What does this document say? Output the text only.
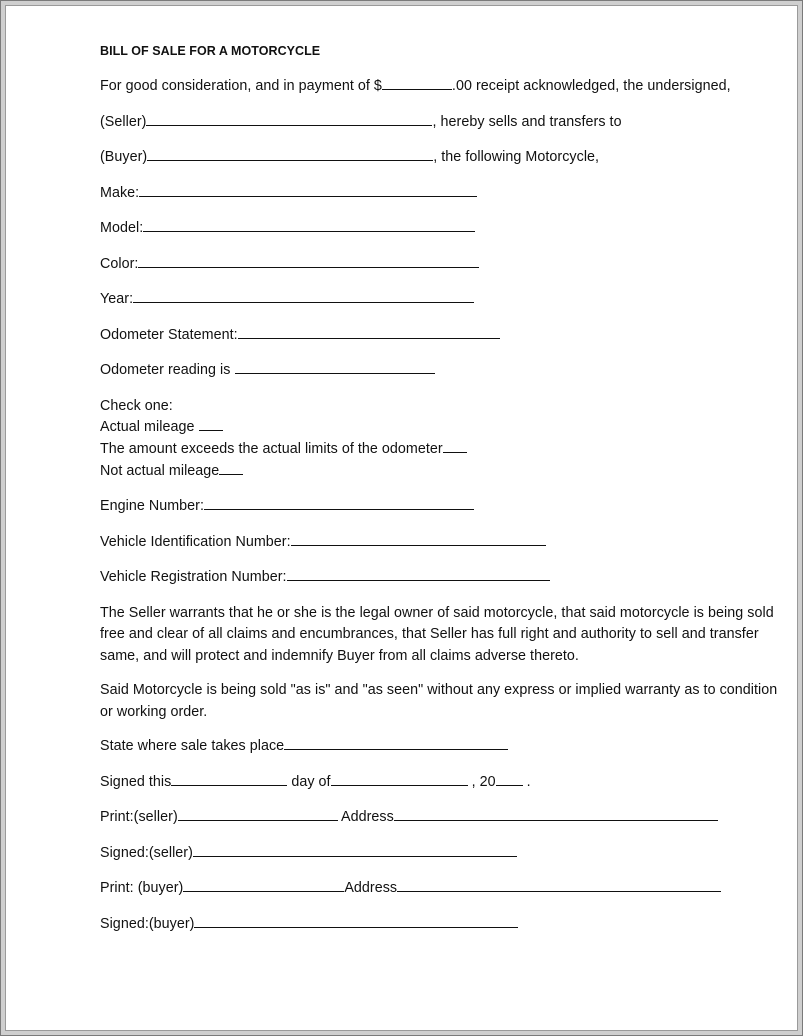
BILL OF SALE FOR A MOTORCYCLE
For good consideration, and in payment of $	.00 receipt acknowledged, the undersigned,
(Seller)	, hereby sells and transfers to
(Buyer)	, the following Motorcycle,
Make:
Model:
Color:
Year:
Odometer Statement:
Odometer reading is
Check one:
Actual mileage
The amount exceeds the actual limits of the odometer
Not actual mileage
Engine Number:
Vehicle Identification Number:
Vehicle Registration Number:
The Seller warrants that he or she is the legal owner of said motorcycle, that said motorcycle is being sold free and clear of all claims and encumbrances, that Seller has full right and authority to sell and transfer same, and will protect and indemnify Buyer from all claims adverse thereto.
Said Motorcycle is being sold "as is" and "as seen" without any express or implied warranty as to condition or working order.
State where sale takes place
Signed this	day of	, 20 .
Print:(seller)	Address
Signed:(seller)
Print: (buyer)	Address
Signed:(buyer)
